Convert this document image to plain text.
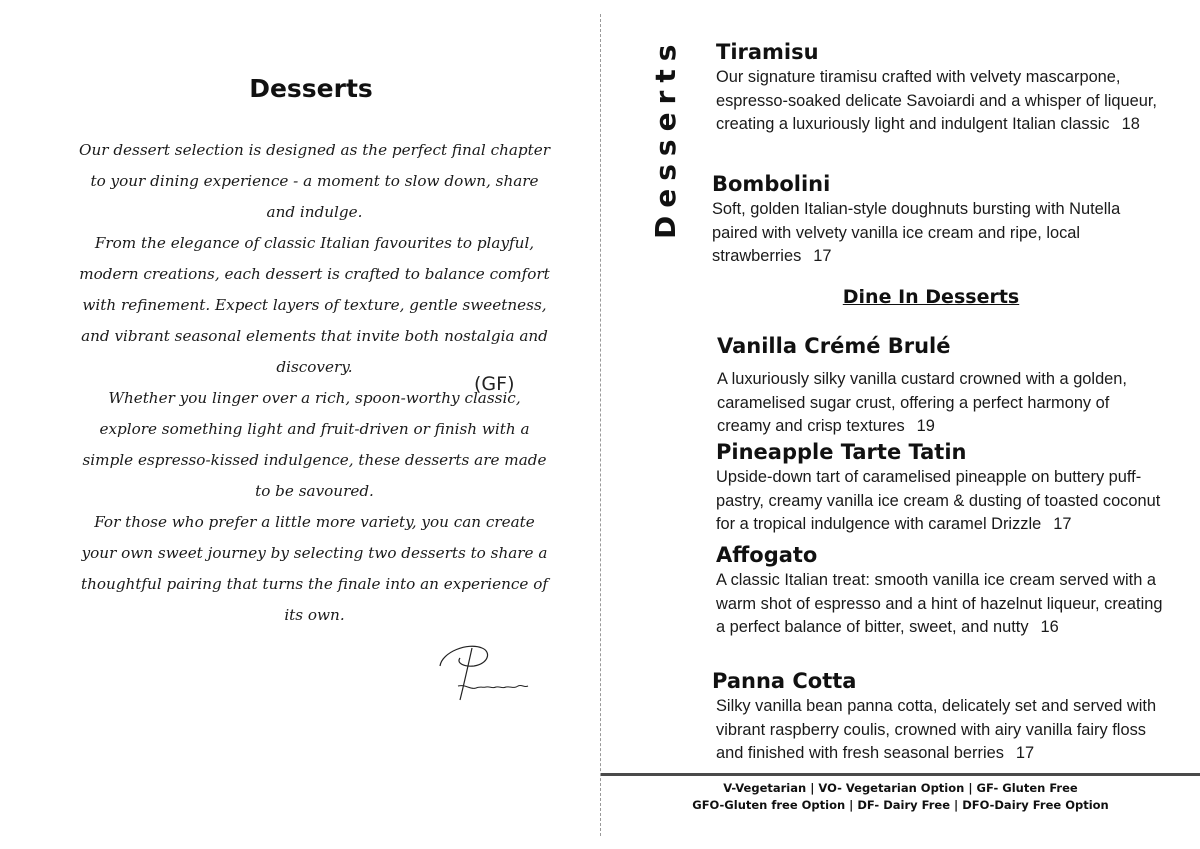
Desserts

Our dessert selection is designed as the perfect final chapter to your dining experience - a moment to slow down, share and indulge.

From the elegance of classic Italian favourites to playful, modern creations, each dessert is crafted to balance comfort with refinement. Expect layers of texture, gentle sweetness, and vibrant seasonal elements that invite both nostalgia and discovery.

Whether you linger over a rich, spoon-worthy classic, explore something light and fruit-driven or finish with a simple espresso-kissed indulgence, these desserts are made to be savoured.

For those who prefer a little more variety, you can create your own sweet journey by selecting two desserts to share a thoughtful pairing that turns the finale into an experience of its own.

(GF)
Desserts Tiramisu
Our signature tiramisu crafted with velvety mascarpone, espresso-soaked delicate Savoiardi and a whisper of liqueur, creating a luxuriously light and indulgent Italian classic 18
Bombolini
Soft, golden Italian-style doughnuts bursting with Nutella paired with velvety vanilla ice cream and ripe, local strawberries 17
Dine In Desserts
Vanilla Crémé Brulé
A luxuriously silky vanilla custard crowned with a golden, caramelised sugar crust, offering a perfect harmony of creamy and crisp textures 19
Pineapple Tarte Tatin
Upside-down tart of caramelised pineapple on buttery puff-pastry, creamy vanilla ice cream & dusting of toasted coconut for a tropical indulgence with caramel Drizzle 17
Affogato
A classic Italian treat: smooth vanilla ice cream served with a warm shot of espresso and a hint of hazelnut liqueur, creating a perfect balance of bitter, sweet, and nutty 16
Panna Cotta
Silky vanilla bean panna cotta, delicately set and served with vibrant raspberry coulis, crowned with airy vanilla fairy floss and finished with fresh seasonal berries 17
V-Vegetarian | VO- Vegetarian Option | GF- Gluten Free
GFO-Gluten free Option | DF- Dairy Free | DFO-Dairy Free Option
